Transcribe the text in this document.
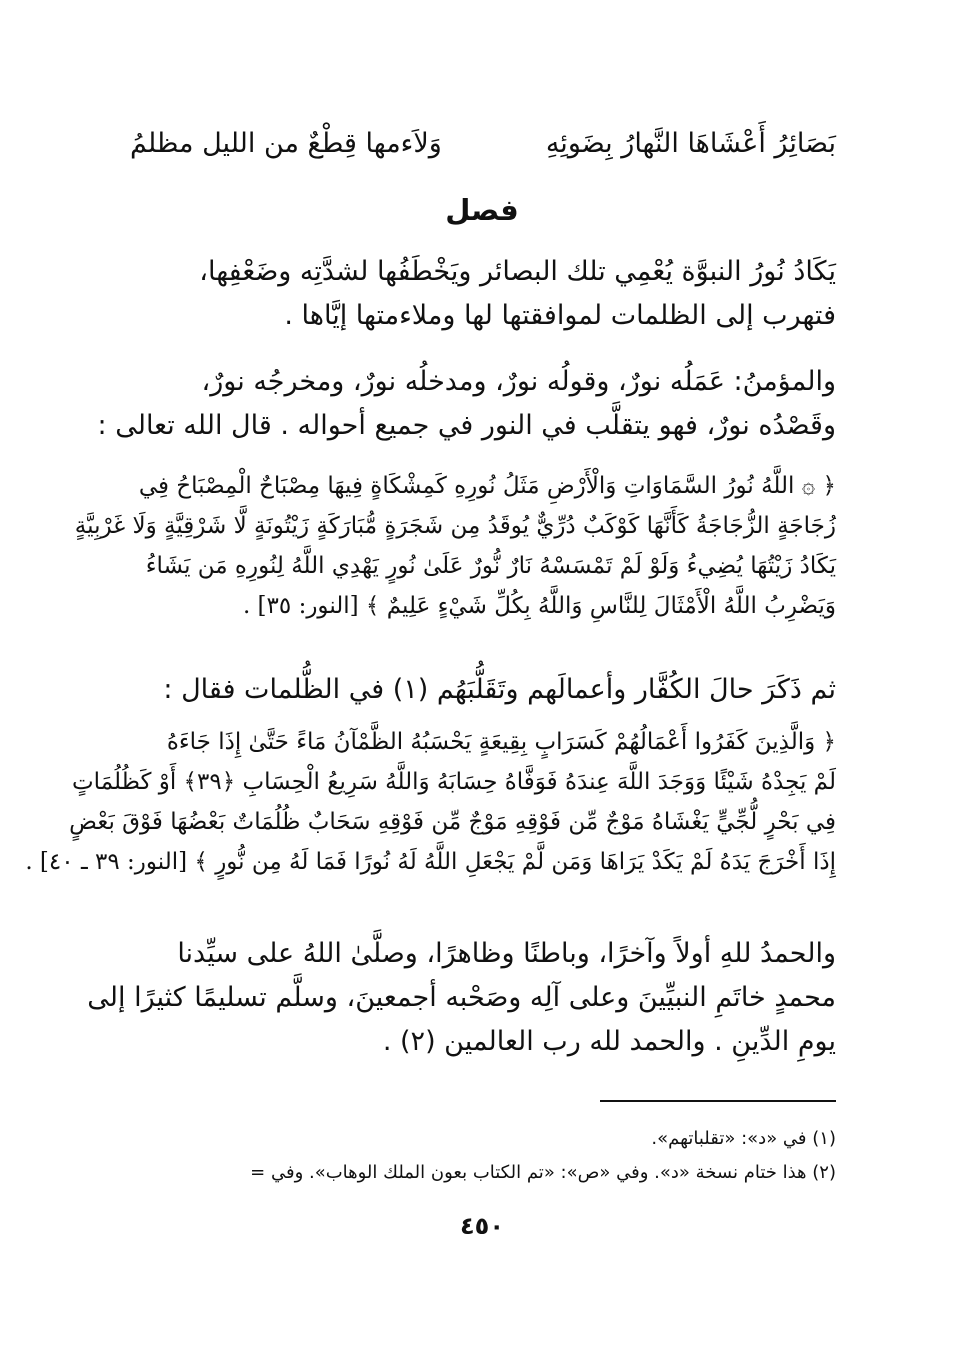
بَصَائِرُ أَعْشَاهَا النَّهارُ بِضَوئِهِ
وَلاَءمها قِطْعٌ من الليل مظلمُ
فصل
يَكَادُ نُورُ النبوَّة يُعْمِي تلك البصائر ويَخْطَفُها لشدَّتِه وضَعْفِها،
فتهرب إلى الظلمات لموافقتها لها وملاءمتها إيَّاها .
والمؤمنُ: عَمَلُه نورٌ، وقولُه نورٌ، ومدخلُه نورٌ، ومخرجُه نورٌ،
وقَصْدُه نورٌ، فهو يتقلَّب في النور في جميع أحواله . قال الله تعالى :
﴿ ۞ اللَّهُ نُورُ السَّمَاوَاتِ وَالْأَرْضِ مَثَلُ نُورِهِ كَمِشْكَاةٍ فِيهَا مِصْبَاحٌ الْمِصْبَاحُ فِي
زُجَاجَةٍ الزُّجَاجَةُ كَأَنَّهَا كَوْكَبٌ دُرِّيٌّ يُوقَدُ مِن شَجَرَةٍ مُّبَارَكَةٍ زَيْتُونَةٍ لَّا شَرْقِيَّةٍ وَلَا غَرْبِيَّةٍ
يَكَادُ زَيْتُهَا يُضِيءُ وَلَوْ لَمْ تَمْسَسْهُ نَارٌ نُّورٌ عَلَىٰ نُورٍ يَهْدِي اللَّهُ لِنُورِهِ مَن يَشَاءُ
وَيَضْرِبُ اللَّهُ الْأَمْثَالَ لِلنَّاسِ وَاللَّهُ بِكُلِّ شَيْءٍ عَلِيمٌ ﴾ [النور: ٣٥] .
ثم ذَكَرَ حالَ الكُفَّار وأعمالَهم وتَقَلُّبَهُم (١) في الظُّلمات فقال :
﴿ وَالَّذِينَ كَفَرُوا أَعْمَالُهُمْ كَسَرَابٍ بِقِيعَةٍ يَحْسَبُهُ الظَّمْآنُ مَاءً حَتَّىٰ إِذَا جَاءَهُ
لَمْ يَجِدْهُ شَيْئًا وَوَجَدَ اللَّهَ عِندَهُ فَوَفَّاهُ حِسَابَهُ وَاللَّهُ سَرِيعُ الْحِسَابِ ﴿٣٩﴾ أَوْ كَظُلُمَاتٍ
فِي بَحْرٍ لُّجِّيٍّ يَغْشَاهُ مَوْجٌ مِّن فَوْقِهِ مَوْجٌ مِّن فَوْقِهِ سَحَابٌ ظُلُمَاتٌ بَعْضُهَا فَوْقَ بَعْضٍ
إِذَا أَخْرَجَ يَدَهُ لَمْ يَكَدْ يَرَاهَا وَمَن لَّمْ يَجْعَلِ اللَّهُ لَهُ نُورًا فَمَا لَهُ مِن نُّورٍ ﴾ [النور: ٣٩ ـ ٤٠] .
والحمدُ للهِ أولاً وآخرًا، وباطنًا وظاهرًا، وصلَّىٰ اللهُ على سيِّدنا
محمدٍ خاتَمِ النبيِّينَ وعلى آلِه وصَحْبه أجمعينَ، وسلَّم تسليمًا كثيرًا إلى
يومِ الدِّينِ . والحمد لله رب العالمين (٢) .
(١) في «د»: «تقلباتهم».
(٢) هذا ختام نسخة «د». وفي «ص»: «تم الكتاب بعون الملك الوهاب». وفي =
٤٥٠
